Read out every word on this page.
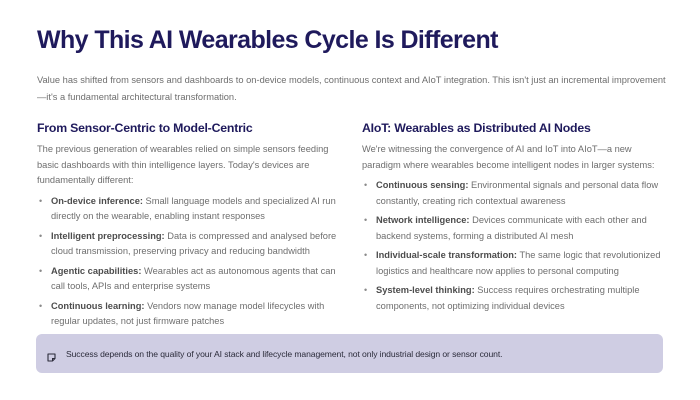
Why This AI Wearables Cycle Is Different

Value has shifted from sensors and dashboards to on-device models, continuous context and AIoT integration. This isn't just an incremental improvement—it's a fundamental architectural transformation.

From Sensor-Centric to Model-Centric

The previous generation of wearables relied on simple sensors feeding basic dashboards with thin intelligence layers. Today's devices are fundamentally different:

• On-device inference: Small language models and specialized AI run directly on the wearable, enabling instant responses
• Intelligent preprocessing: Data is compressed and analysed before cloud transmission, preserving privacy and reducing bandwidth
• Agentic capabilities: Wearables act as autonomous agents that can call tools, APIs and enterprise systems
• Continuous learning: Vendors now manage model lifecycles with regular updates, not just firmware patches
AIoT: Wearables as Distributed AI Nodes

We're witnessing the convergence of AI and IoT into AIoT—a new paradigm where wearables become intelligent nodes in larger systems:

• Continuous sensing: Environmental signals and personal data flow constantly, creating rich contextual awareness
• Network intelligence: Devices communicate with each other and backend systems, forming a distributed AI mesh
• Individual-scale transformation: The same logic that revolutionized logistics and healthcare now applies to personal computing
• System-level thinking: Success requires orchestrating multiple components, not optimizing individual devices
Success depends on the quality of your AI stack and lifecycle management, not only industrial design or sensor count.
